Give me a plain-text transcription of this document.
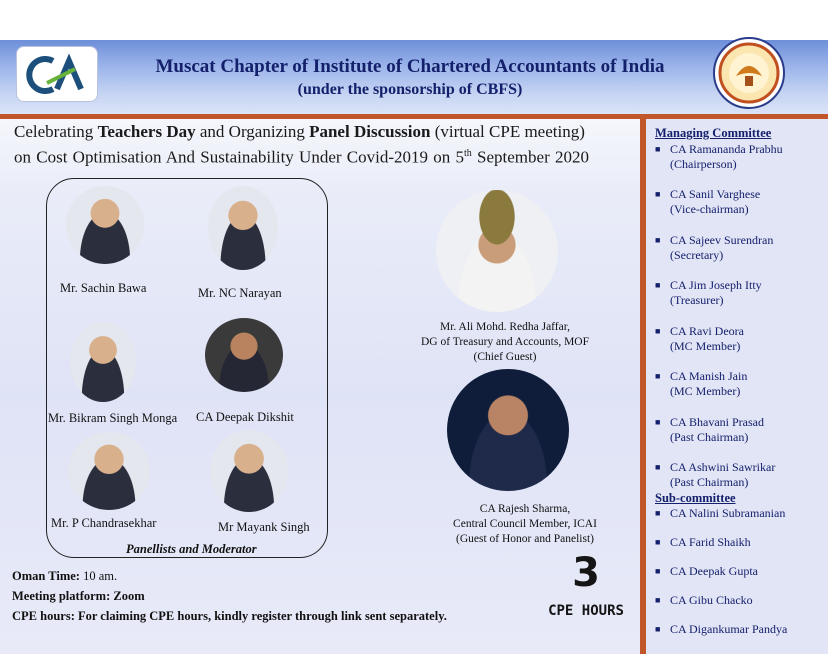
Muscat Chapter of Institute of Chartered Accountants of India
(under the sponsorship of CBFS)
Celebrating Teachers Day and Organizing Panel Discussion (virtual CPE meeting)
on Cost Optimisation And Sustainability Under Covid-2019 on 5th September 2020
Mr. Sachin Bawa	Mr. NC Narayan
Mr. Bikram Singh Monga CA Deepak Dikshit
Mr. P Chandrasekhar	Mr Mayank Singh
Panellists and Moderator
Mr. Ali Mohd. Redha Jaffar,
DG of Treasury and Accounts, MOF
(Chief Guest)
CA Rajesh Sharma,
Central Council Member, ICAI
(Guest of Honor and Panelist)
Oman Time: 10 am.
Meeting platform: Zoom
CPE hours: For claiming CPE hours, kindly register through link sent separately.
3
CPE HOURS
Managing Committee
■ CA Ramananda Prabhu
(Chairperson)
■ CA Sanil Varghese
(Vice-chairman)
■ CA Sajeev Surendran
(Secretary)
■ CA Jim Joseph Itty
(Treasurer)
■ CA Ravi Deora
(MC Member)
■ CA Manish Jain
(MC Member)
■ CA Bhavani Prasad
(Past Chairman)
■ CA Ashwini Sawrikar
(Past Chairman)
Sub-committee
■ CA Nalini Subramanian
■ CA Farid Shaikh
■ CA Deepak Gupta
■ CA Gibu Chacko
■ CA Digankumar Pandya
